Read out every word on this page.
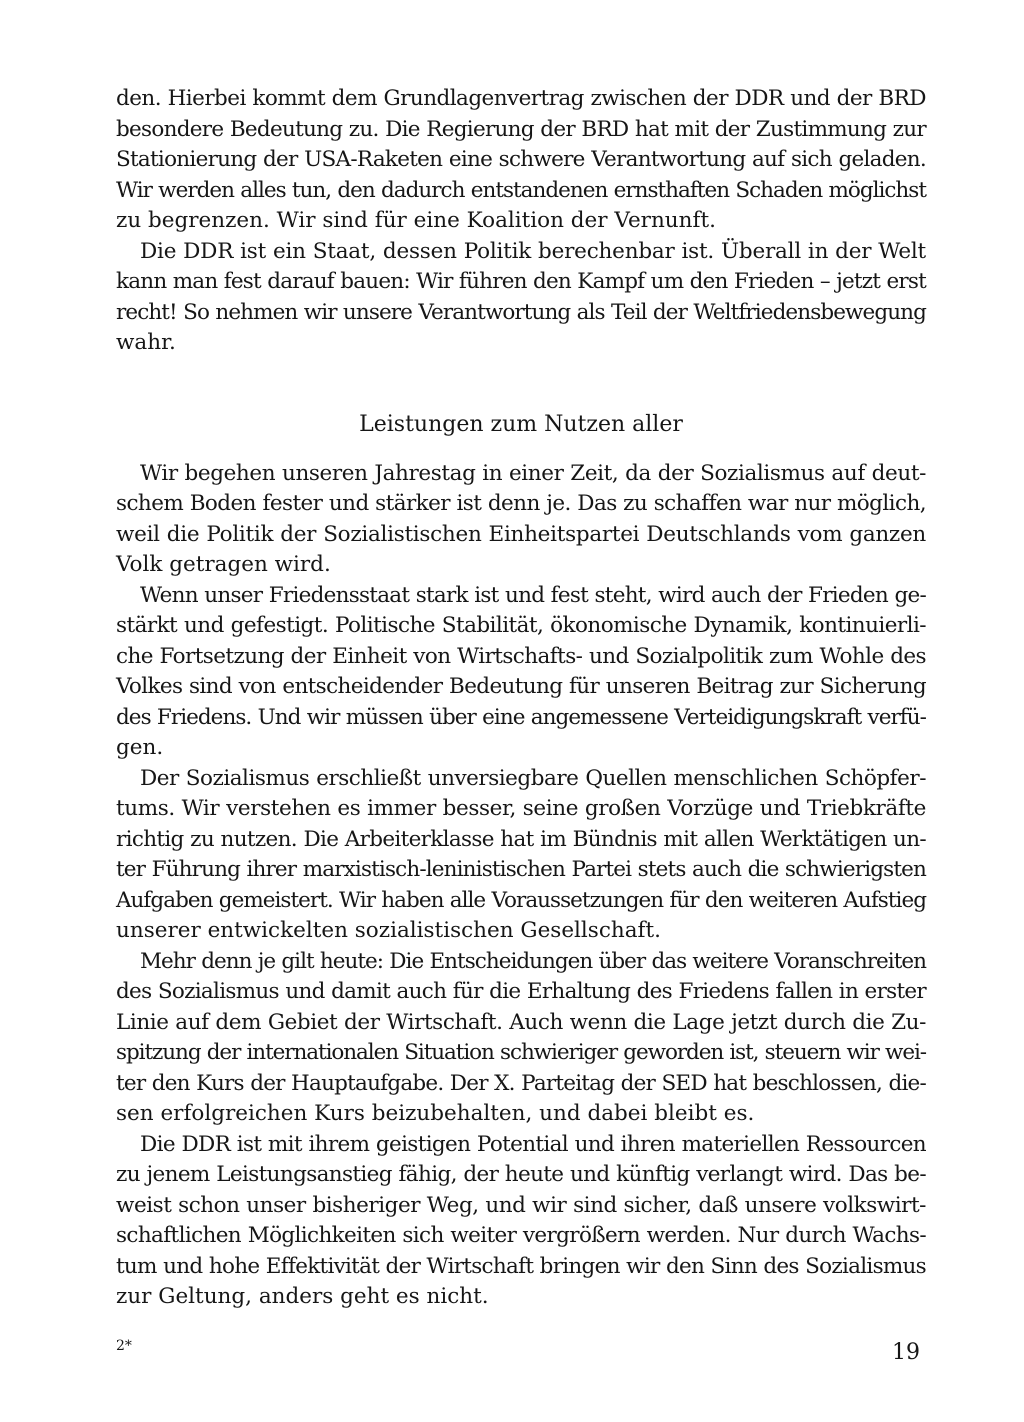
den. Hierbei kommt dem Grundlagenvertrag zwischen der DDR und der BRD
besondere Bedeutung zu. Die Regierung der BRD hat mit der Zustimmung zur
Stationierung der USA-Raketen eine schwere Verantwortung auf sich geladen.
Wir werden alles tun, den dadurch entstandenen ernsthaften Schaden möglichst
zu begrenzen. Wir sind für eine Koalition der Vernunft.
Die DDR ist ein Staat, dessen Politik berechenbar ist. Überall in der Welt
kann man fest darauf bauen: Wir führen den Kampf um den Frieden – jetzt erst
recht! So nehmen wir unsere Verantwortung als Teil der Weltfriedensbewegung
wahr.
Leistungen zum Nutzen aller
Wir begehen unseren Jahrestag in einer Zeit, da der Sozialismus auf deut-
schem Boden fester und stärker ist denn je. Das zu schaffen war nur möglich,
weil die Politik der Sozialistischen Einheitspartei Deutschlands vom ganzen
Volk getragen wird.
Wenn unser Friedensstaat stark ist und fest steht, wird auch der Frieden ge-
stärkt und gefestigt. Politische Stabilität, ökonomische Dynamik, kontinuierli-
che Fortsetzung der Einheit von Wirtschafts- und Sozialpolitik zum Wohle des
Volkes sind von entscheidender Bedeutung für unseren Beitrag zur Sicherung
des Friedens. Und wir müssen über eine angemessene Verteidigungskraft verfü-
gen.
Der Sozialismus erschließt unversiegbare Quellen menschlichen Schöpfer-
tums. Wir verstehen es immer besser, seine großen Vorzüge und Triebkräfte
richtig zu nutzen. Die Arbeiterklasse hat im Bündnis mit allen Werktätigen un-
ter Führung ihrer marxistisch-leninistischen Partei stets auch die schwierigsten
Aufgaben gemeistert. Wir haben alle Voraussetzungen für den weiteren Aufstieg
unserer entwickelten sozialistischen Gesellschaft.
Mehr denn je gilt heute: Die Entscheidungen über das weitere Voranschreiten
des Sozialismus und damit auch für die Erhaltung des Friedens fallen in erster
Linie auf dem Gebiet der Wirtschaft. Auch wenn die Lage jetzt durch die Zu-
spitzung der internationalen Situation schwieriger geworden ist, steuern wir wei-
ter den Kurs der Hauptaufgabe. Der X. Parteitag der SED hat beschlossen, die-
sen erfolgreichen Kurs beizubehalten, und dabei bleibt es.
Die DDR ist mit ihrem geistigen Potential und ihren materiellen Ressourcen
zu jenem Leistungsanstieg fähig, der heute und künftig verlangt wird. Das be-
weist schon unser bisheriger Weg, und wir sind sicher, daß unsere volkswirt-
schaftlichen Möglichkeiten sich weiter vergrößern werden. Nur durch Wachs-
tum und hohe Effektivität der Wirtschaft bringen wir den Sinn des Sozialismus
zur Geltung, anders geht es nicht.
2*	19
